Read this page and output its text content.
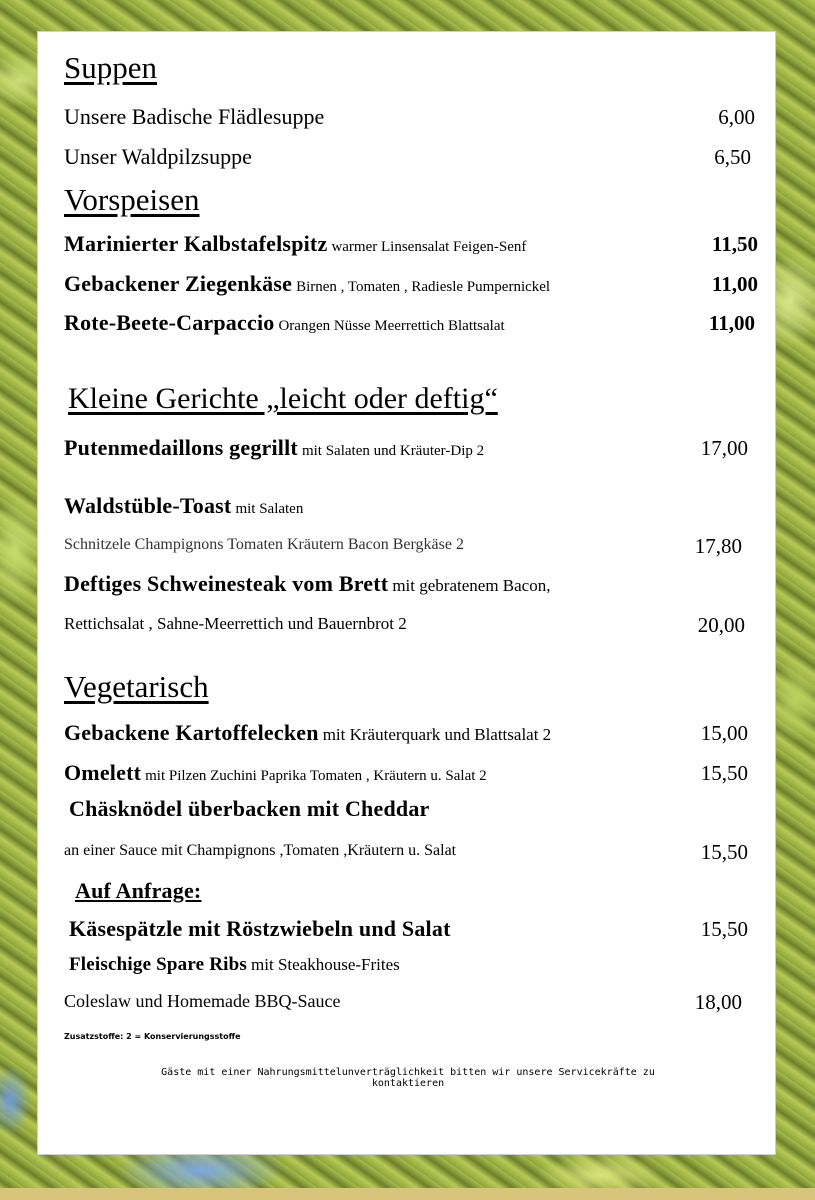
Suppen
Unsere Badische Flädlesuppe	6,00
Unser Waldpilzsuppe	6,50
Vorspeisen
Marinierter Kalbstafelspitz warmer Linsensalat Feigen-Senf	11,50
Gebackener Ziegenkäse Birnen , Tomaten , Radiesle Pumpernickel	11,00
Rote-Beete-Carpaccio Orangen Nüsse Meerrettich Blattsalat	11,00
Kleine Gerichte „leicht oder deftig“
Putenmedaillons gegrillt mit Salaten und Kräuter-Dip 2	17,00
Waldstüble-Toast mit Salaten
Schnitzele Champignons Tomaten Kräutern Bacon Bergkäse 2	17,80
Deftiges Schweinesteak vom Brett mit gebratenem Bacon,
Rettichsalat , Sahne-Meerrettich und Bauernbrot 2	20,00
Vegetarisch
Gebackene Kartoffelecken mit Kräuterquark und Blattsalat 2	15,00
Omelett mit Pilzen Zuchini Paprika Tomaten , Kräutern u. Salat 2	15,50
Chäsknödel überbacken mit Cheddar
an einer Sauce mit Champignons ,Tomaten ,Kräutern u. Salat	15,50
Auf Anfrage:
Käsespätzle mit Röstzwiebeln und Salat	15,50
Fleischige Spare Ribs mit Steakhouse-Frites
Coleslaw und Homemade BBQ-Sauce	18,00
Zusatzstoffe: 2 = Konservierungsstoffe
Gäste mit einer Nahrungsmittelunverträglichkeit bitten wir unsere Servicekräfte zu
kontaktieren
